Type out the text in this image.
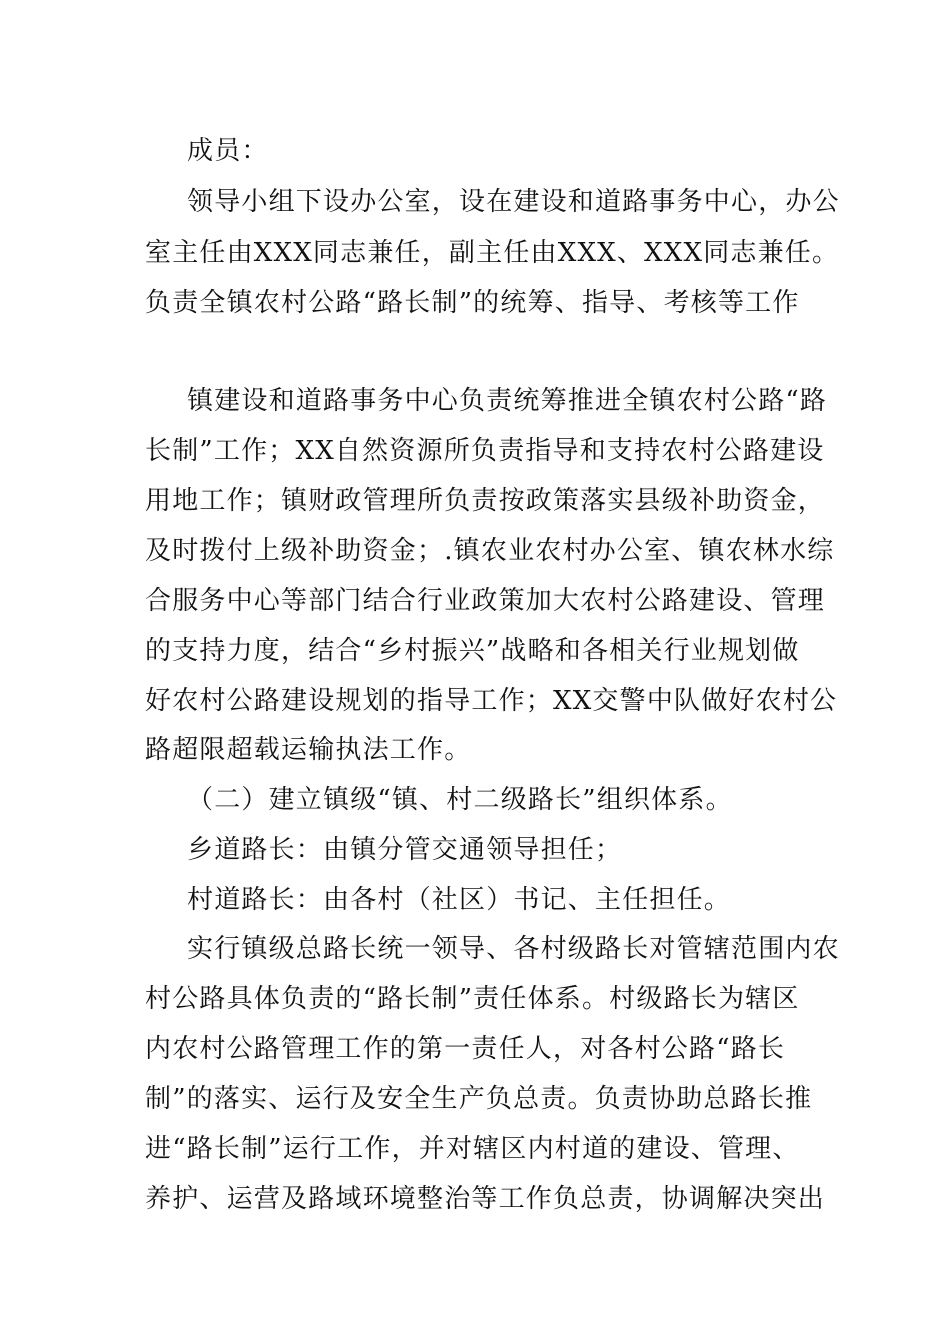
成员：
领导小组下设办公室，设在建设和道路事务中心，办公
室主任由XXX同志兼任，副主任由XXX、XXX同志兼任。
负责全镇农村公路“路长制”的统筹、指导、考核等工作
镇建设和道路事务中心负责统筹推进全镇农村公路“路
长制”工作；XX自然资源所负责指导和支持农村公路建设
用地工作；镇财政管理所负责按政策落实县级补助资金，
及时拨付上级补助资金；.镇农业农村办公室、镇农林水综
合服务中心等部门结合行业政策加大农村公路建设、管理
的支持力度，结合“乡村振兴”战略和各相关行业规划做
好农村公路建设规划的指导工作；XX交警中队做好农村公
路超限超载运输执法工作。
（二）建立镇级“镇、村二级路长”组织体系。
乡道路长：由镇分管交通领导担任；
村道路长：由各村（社区）书记、主任担任。
实行镇级总路长统一领导、各村级路长对管辖范围内农
村公路具体负责的“路长制”责任体系。村级路长为辖区
内农村公路管理工作的第一责任人，对各村公路“路长
制”的落实、运行及安全生产负总责。负责协助总路长推
进“路长制”运行工作，并对辖区内村道的建设、管理、
养护、运营及路域环境整治等工作负总责，协调解决突出
